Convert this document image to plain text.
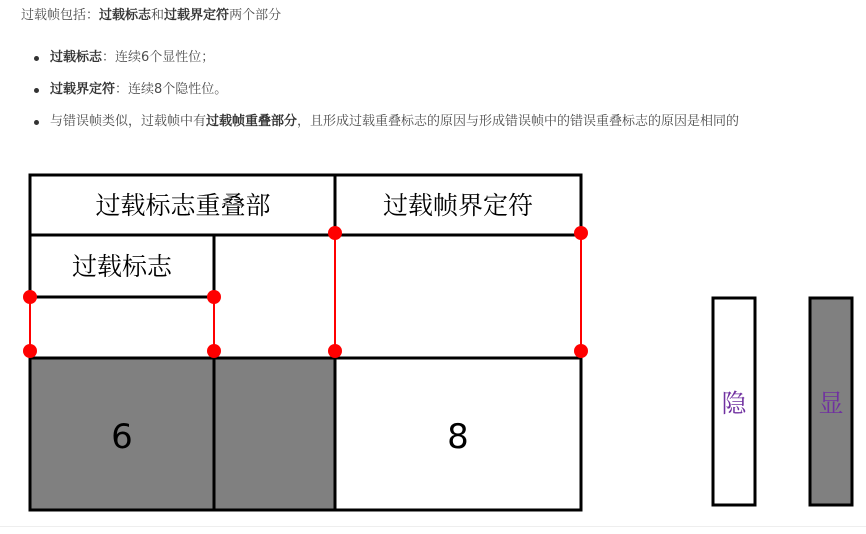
过载帧包括：过载标志和过载界定符两个部分
过载标志：连续6个显性位；
过载界定符：连续8个隐性位。
与错误帧类似，过载帧中有过载帧重叠部分，且形成过载重叠标志的原因与形成错误帧中的错误重叠标志的原因是相同的
过载标志重叠部	过载帧界定符
过载标志
6	8
隐	显
